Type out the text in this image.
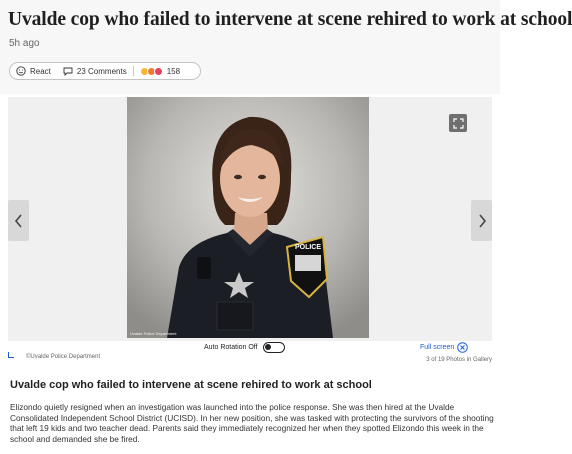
Uvalde cop who failed to intervene at scene rehired to work at school
5h ago
React	23 Comments	158
POLICE
Uvalde Police Department
Auto Rotation Off	Full screen
©Uvalde Police Department	3 of 19 Photos in Gallery
Uvalde cop who failed to intervene at scene rehired to work at school

Elizondo quietly resigned when an investigation was launched into the police response. She was then hired at the Uvalde Consolidated Independent School District (UCISD). In her new position, she was tasked with protecting the survivors of the shooting that left 19 kids and two teacher dead. Parents said they immediately recognized her when they spotted Elizondo this week in the school and demanded she be fired.
